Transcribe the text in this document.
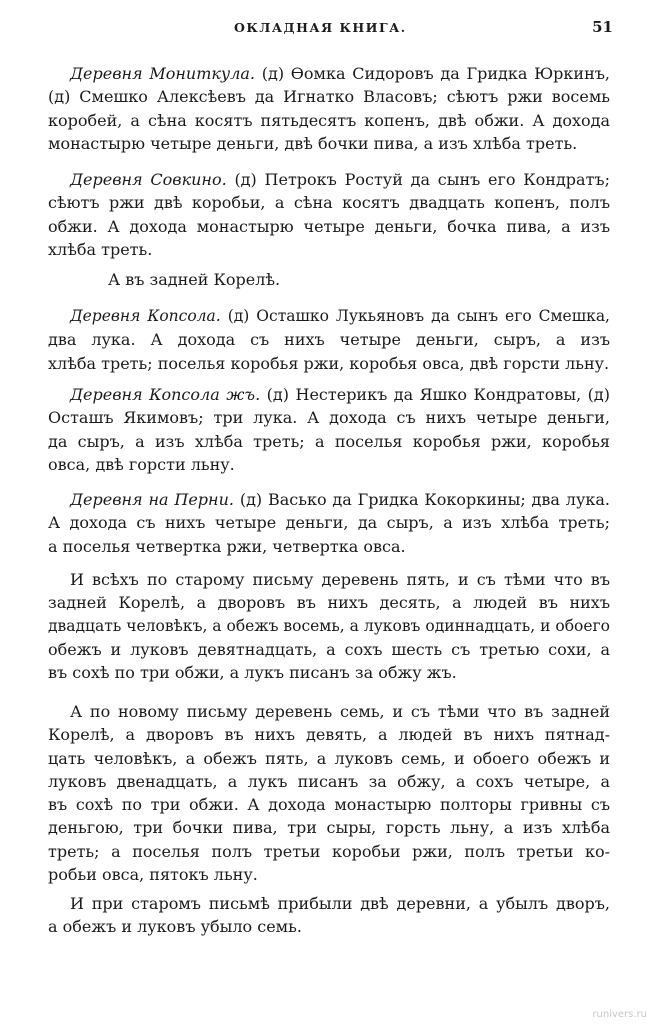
ОКЛАДНАЯ КНИГА.	51
Деревня Мониткула. (д) Ѳомка Сидоровъ да Гридка Юркинъ,
(д) Смешко Алексѣевъ да Игнатко Власовъ; сѣютъ ржи восемь
коробей, а сѣна косятъ пятьдесятъ копенъ, двѣ обжи. А дохода
монастырю четыре деньги, двѣ бочки пива, а изъ хлѣба треть.
Деревня Совкино. (д) Петрокъ Ростуй да сынъ его Кондратъ;
сѣютъ ржи двѣ коробьи, а сѣна косятъ двадцать копенъ, полъ
обжи. А дохода монастырю четыре деньги, бочка пива, а изъ
хлѣба треть.
А въ задней Корелѣ.
Деревня Копсола. (д) Осташко Лукьяновъ да сынъ его Смешка,
два лука. А дохода съ нихъ четыре деньги, сыръ, а изъ
хлѣба треть; поселья коробья ржи, коробья овса, двѣ горсти льну.
Деревня Копсола жъ. (д) Нестерикъ да Яшко Кондратовы, (д)
Осташъ Якимовъ; три лука. А дохода съ нихъ четыре деньги,
да сыръ, а изъ хлѣба треть; а поселья коробья ржи, коробья
овса, двѣ горсти льну.
Деревня на Перни. (д) Васько да Гридка Кокоркины; два лука.
А дохода съ нихъ четыре деньги, да сыръ, а изъ хлѣба треть;
а поселья четвертка ржи, четвертка овса.
И всѣхъ по старому письму деревень пять, и съ тѣми что въ
задней Корелѣ, а дворовъ въ нихъ десять, а людей въ нихъ
двадцать человѣкъ, а обежъ восемь, а луковъ одиннадцать, и обоего
обежъ и луковъ девятнадцать, а сохъ шесть съ третью сохи, а
въ сохѣ по три обжи, а лукъ писанъ за обжу жъ.
А по новому письму деревень семь, и съ тѣми что въ задней
Корелѣ, а дворовъ въ нихъ девять, а людей въ нихъ пятнад-
цать человѣкъ, а обежъ пять, а луковъ семь, и обоего обежъ и
луковъ двенадцать, а лукъ писанъ за обжу, а сохъ четыре, а
въ сохѣ по три обжи. А дохода монастырю полторы гривны съ
деньгою, три бочки пива, три сыры, горсть льну, а изъ хлѣба
треть; а поселья полъ третьи коробьи ржи, полъ третьи ко-
робьи овса, пятокъ льну.
И при старомъ письмѣ прибыли двѣ деревни, а убылъ дворъ,
а обежъ и луковъ убыло семь.
runivers.ru
